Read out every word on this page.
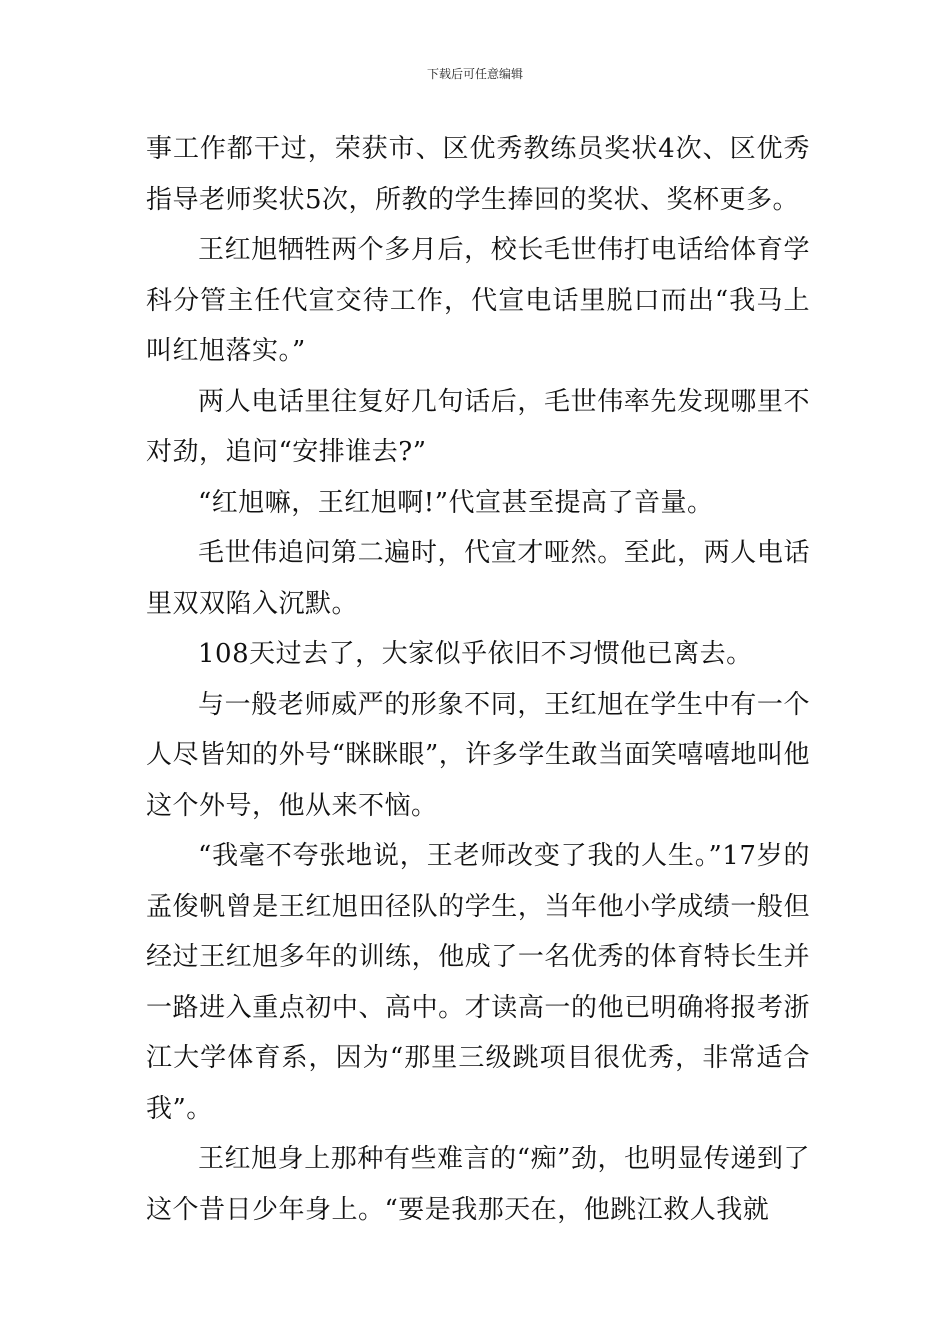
下载后可任意编辑

事工作都干过，荣获市、区优秀教练员奖状4次、区优秀指导老师奖状5次，所教的学生捧回的奖状、奖杯更多。

王红旭牺牲两个多月后，校长毛世伟打电话给体育学科分管主任代宣交待工作，代宣电话里脱口而出“我马上叫红旭落实。”

两人电话里往复好几句话后，毛世伟率先发现哪里不对劲，追问“安排谁去?”

“红旭嘛，王红旭啊!”代宣甚至提高了音量。

毛世伟追问第二遍时，代宣才哑然。至此，两人电话里双双陷入沉默。

108天过去了，大家似乎依旧不习惯他已离去。

与一般老师威严的形象不同，王红旭在学生中有一个人尽皆知的外号“眯眯眼”，许多学生敢当面笑嘻嘻地叫他这个外号，他从来不恼。

“我毫不夸张地说，王老师改变了我的人生。”17岁的孟俊帆曾是王红旭田径队的学生，当年他小学成绩一般但经过王红旭多年的训练，他成了一名优秀的体育特长生并一路进入重点初中、高中。才读高一的他已明确将报考浙江大学体育系，因为“那里三级跳项目很优秀，非常适合我”。

王红旭身上那种有些难言的“痴”劲，也明显传递到了这个昔日少年身上。“要是我那天在，他跳江救人我就
